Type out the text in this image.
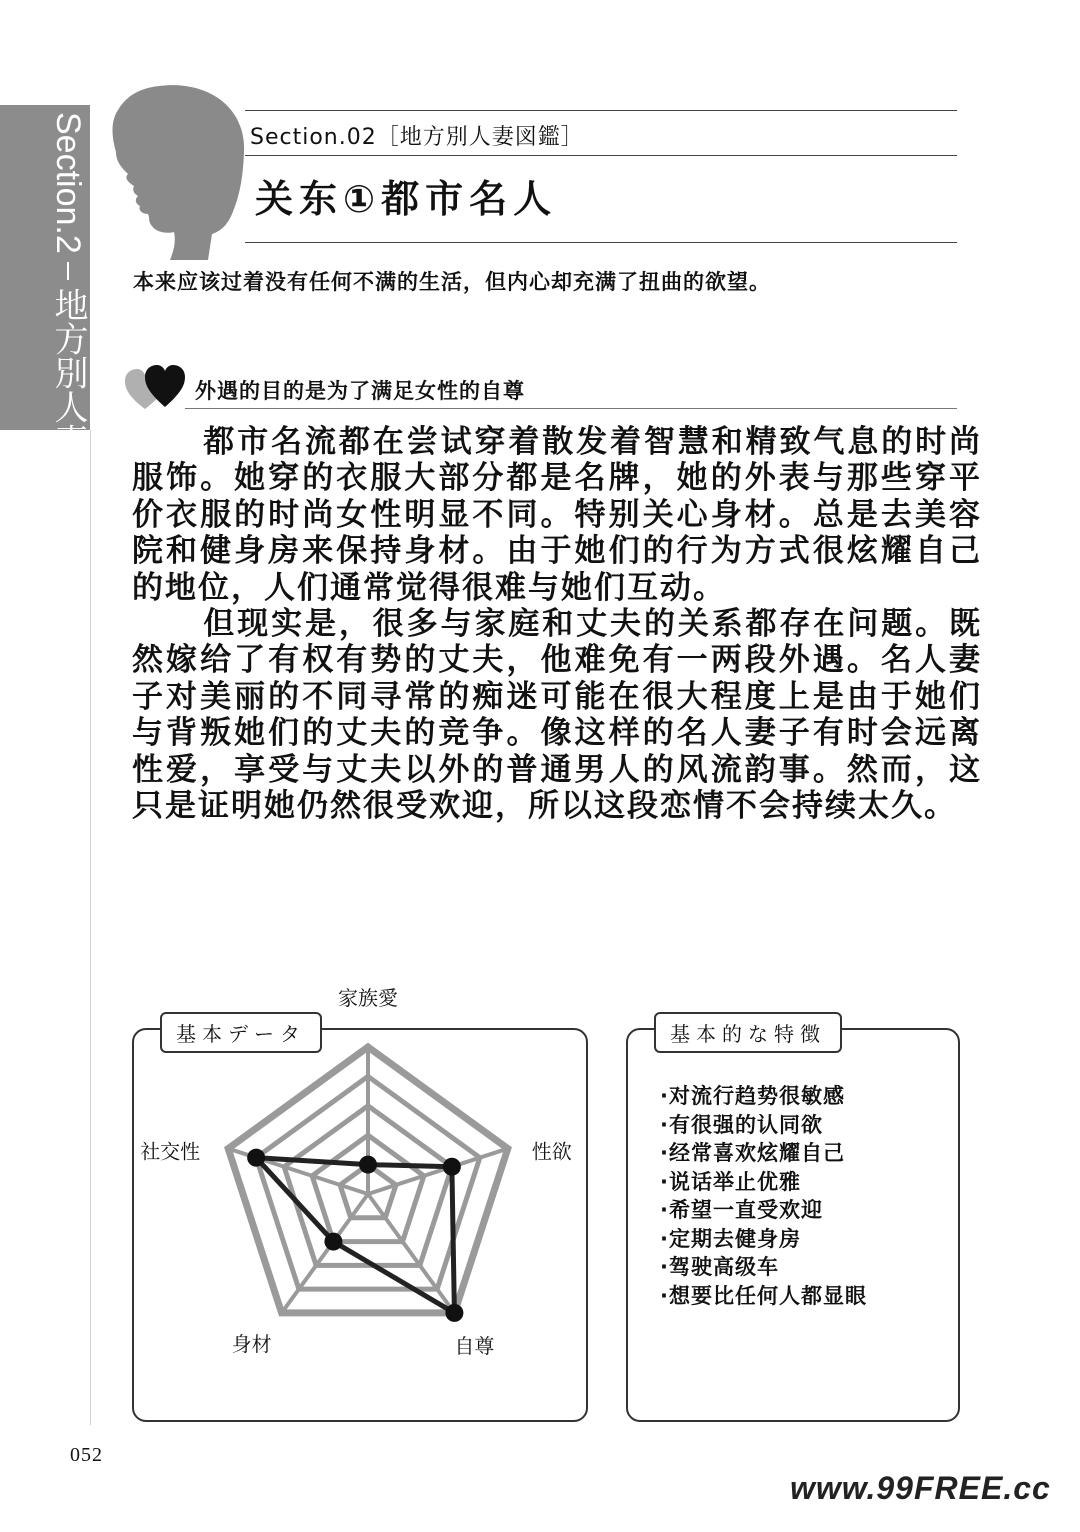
Section.2地方別人妻図鑑
Section.02［地方別人妻図鑑］
关东①都市名人
本来应该过着没有任何不满的生活，但内心却充满了扭曲的欲望。
外遇的目的是为了满足女性的自尊

都市名流都在尝试穿着散发着智慧和精致气息的时尚服饰。她穿的衣服大部分都是名牌，她的外表与那些穿平价衣服的时尚女性明显不同。特别关心身材。总是去美容院和健身房来保持身材。由于她们的行为方式很炫耀自己的地位，人们通常觉得很难与她们互动。

但现实是，很多与家庭和丈夫的关系都存在问题。既然嫁给了有权有势的丈夫，他难免有一两段外遇。名人妻子对美丽的不同寻常的痴迷可能在很大程度上是由于她们与背叛她们的丈夫的竞争。像这样的名人妻子有时会远离性爱，享受与丈夫以外的普通男人的风流韵事。然而，这只是证明她仍然很受欢迎，所以这段恋情不会持续太久。

基本データ
家族愛
性欲
自尊
身材
社交性
基本的な特徴
·对流行趋势很敏感
·有很强的认同欲
·经常喜欢炫耀自己
·说话举止优雅
·希望一直受欢迎
·定期去健身房
·驾驶高级车
·想要比任何人都显眼
052
www.99FREE.cc
